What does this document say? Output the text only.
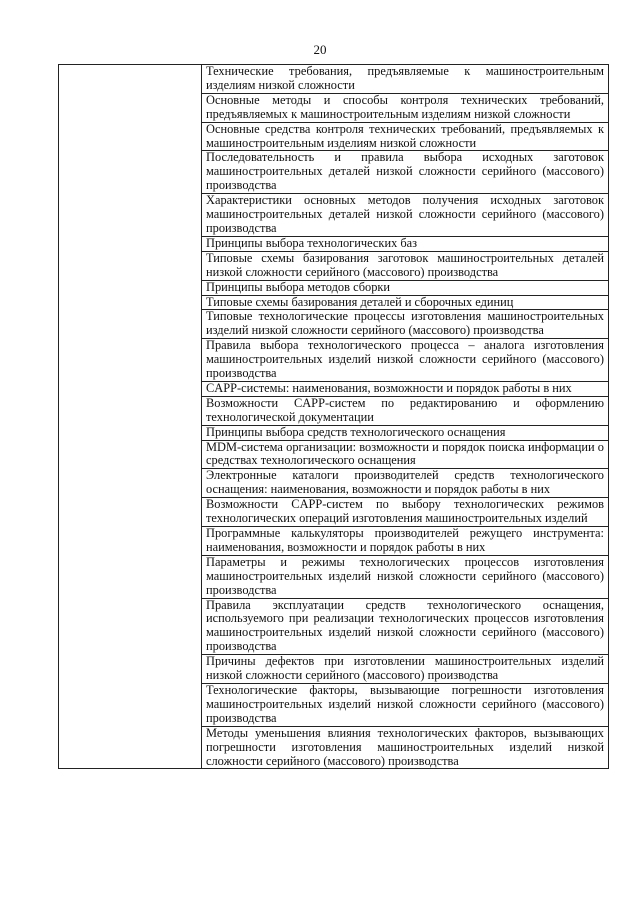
20

Технические требования, предъявляемые к машиностроительным изделиям низкой сложности

Основные методы и способы контроля технических требований, предъявляемых к машиностроительным изделиям низкой сложности

Основные средства контроля технических требований, предъявляемых к машиностроительным изделиям низкой сложности

Последовательность и правила выбора исходных заготовок машиностроительных деталей низкой сложности серийного (массового) производства

Характеристики основных методов получения исходных заготовок машиностроительных деталей низкой сложности серийного (массового) производства

Принципы выбора технологических баз

Типовые схемы базирования заготовок машиностроительных деталей низкой сложности серийного (массового) производства

Принципы выбора методов сборки

Типовые схемы базирования деталей и сборочных единиц

Типовые технологические процессы изготовления машиностроительных изделий низкой сложности серийного (массового) производства

Правила выбора технологического процесса – аналога изготовления машиностроительных изделий низкой сложности серийного (массового) производства

CAPP-системы: наименования, возможности и порядок работы в них

Возможности CAPP-систем по редактированию и оформлению технологической документации

Принципы выбора средств технологического оснащения

MDM-система организации: возможности и порядок поиска информации о средствах технологического оснащения

Электронные каталоги производителей средств технологического оснащения: наименования, возможности и порядок работы в них

Возможности CAPP-систем по выбору технологических режимов технологических операций изготовления машиностроительных изделий

Программные калькуляторы производителей режущего инструмента: наименования, возможности и порядок работы в них

Параметры и режимы технологических процессов изготовления машиностроительных изделий низкой сложности серийного (массового) производства

Правила эксплуатации средств технологического оснащения, используемого при реализации технологических процессов изготовления машиностроительных изделий низкой сложности серийного (массового) производства

Причины дефектов при изготовлении машиностроительных изделий низкой сложности серийного (массового) производства

Технологические факторы, вызывающие погрешности изготовления машиностроительных изделий низкой сложности серийного (массового) производства

Методы уменьшения влияния технологических факторов, вызывающих погрешности изготовления машиностроительных изделий низкой сложности серийного (массового) производства
